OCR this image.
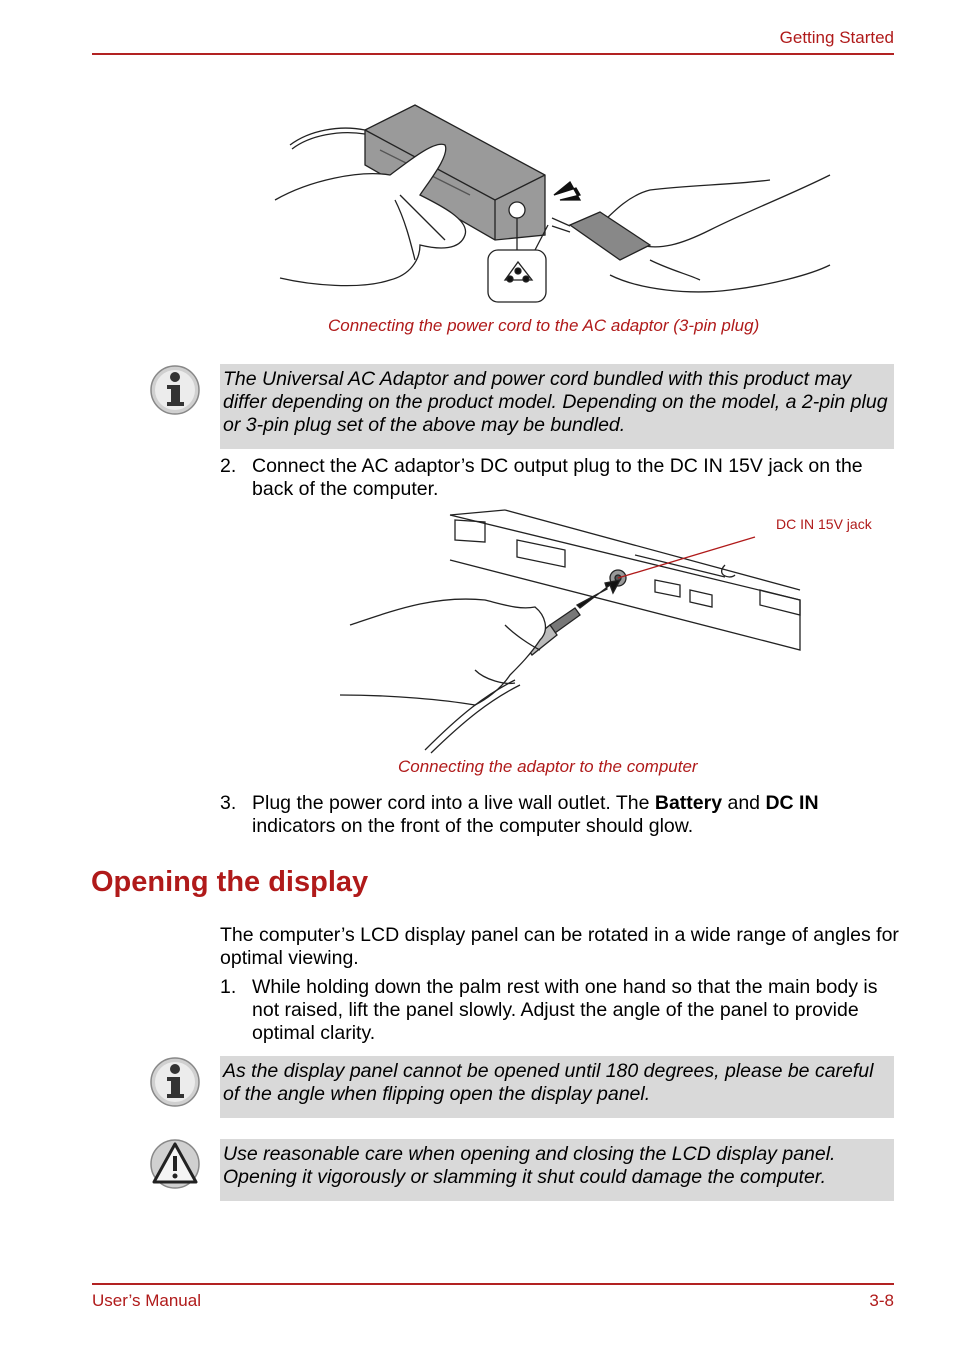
Getting Started
Connecting the power cord to the AC adaptor (3-pin plug)
The Universal AC Adaptor and power cord bundled with this product may differ depending on the product model. Depending on the model, a 2-pin plug or 3-pin plug set of the above may be bundled.
2. Connect the AC adaptor’s DC output plug to the DC IN 15V jack on the back of the computer.
DC IN 15V jack
Connecting the adaptor to the computer
3. Plug the power cord into a live wall outlet. The Battery and DC IN
indicators on the front of the computer should glow.
Opening the display
The computer’s LCD display panel can be rotated in a wide range of angles for optimal viewing.
1. While holding down the palm rest with one hand so that the main body is not raised, lift the panel slowly. Adjust the angle of the panel to provide optimal clarity.
As the display panel cannot be opened until 180 degrees, please be careful of the angle when flipping open the display panel.
Use reasonable care when opening and closing the LCD display panel. Opening it vigorously or slamming it shut could damage the computer.
User’s Manual	3-8
